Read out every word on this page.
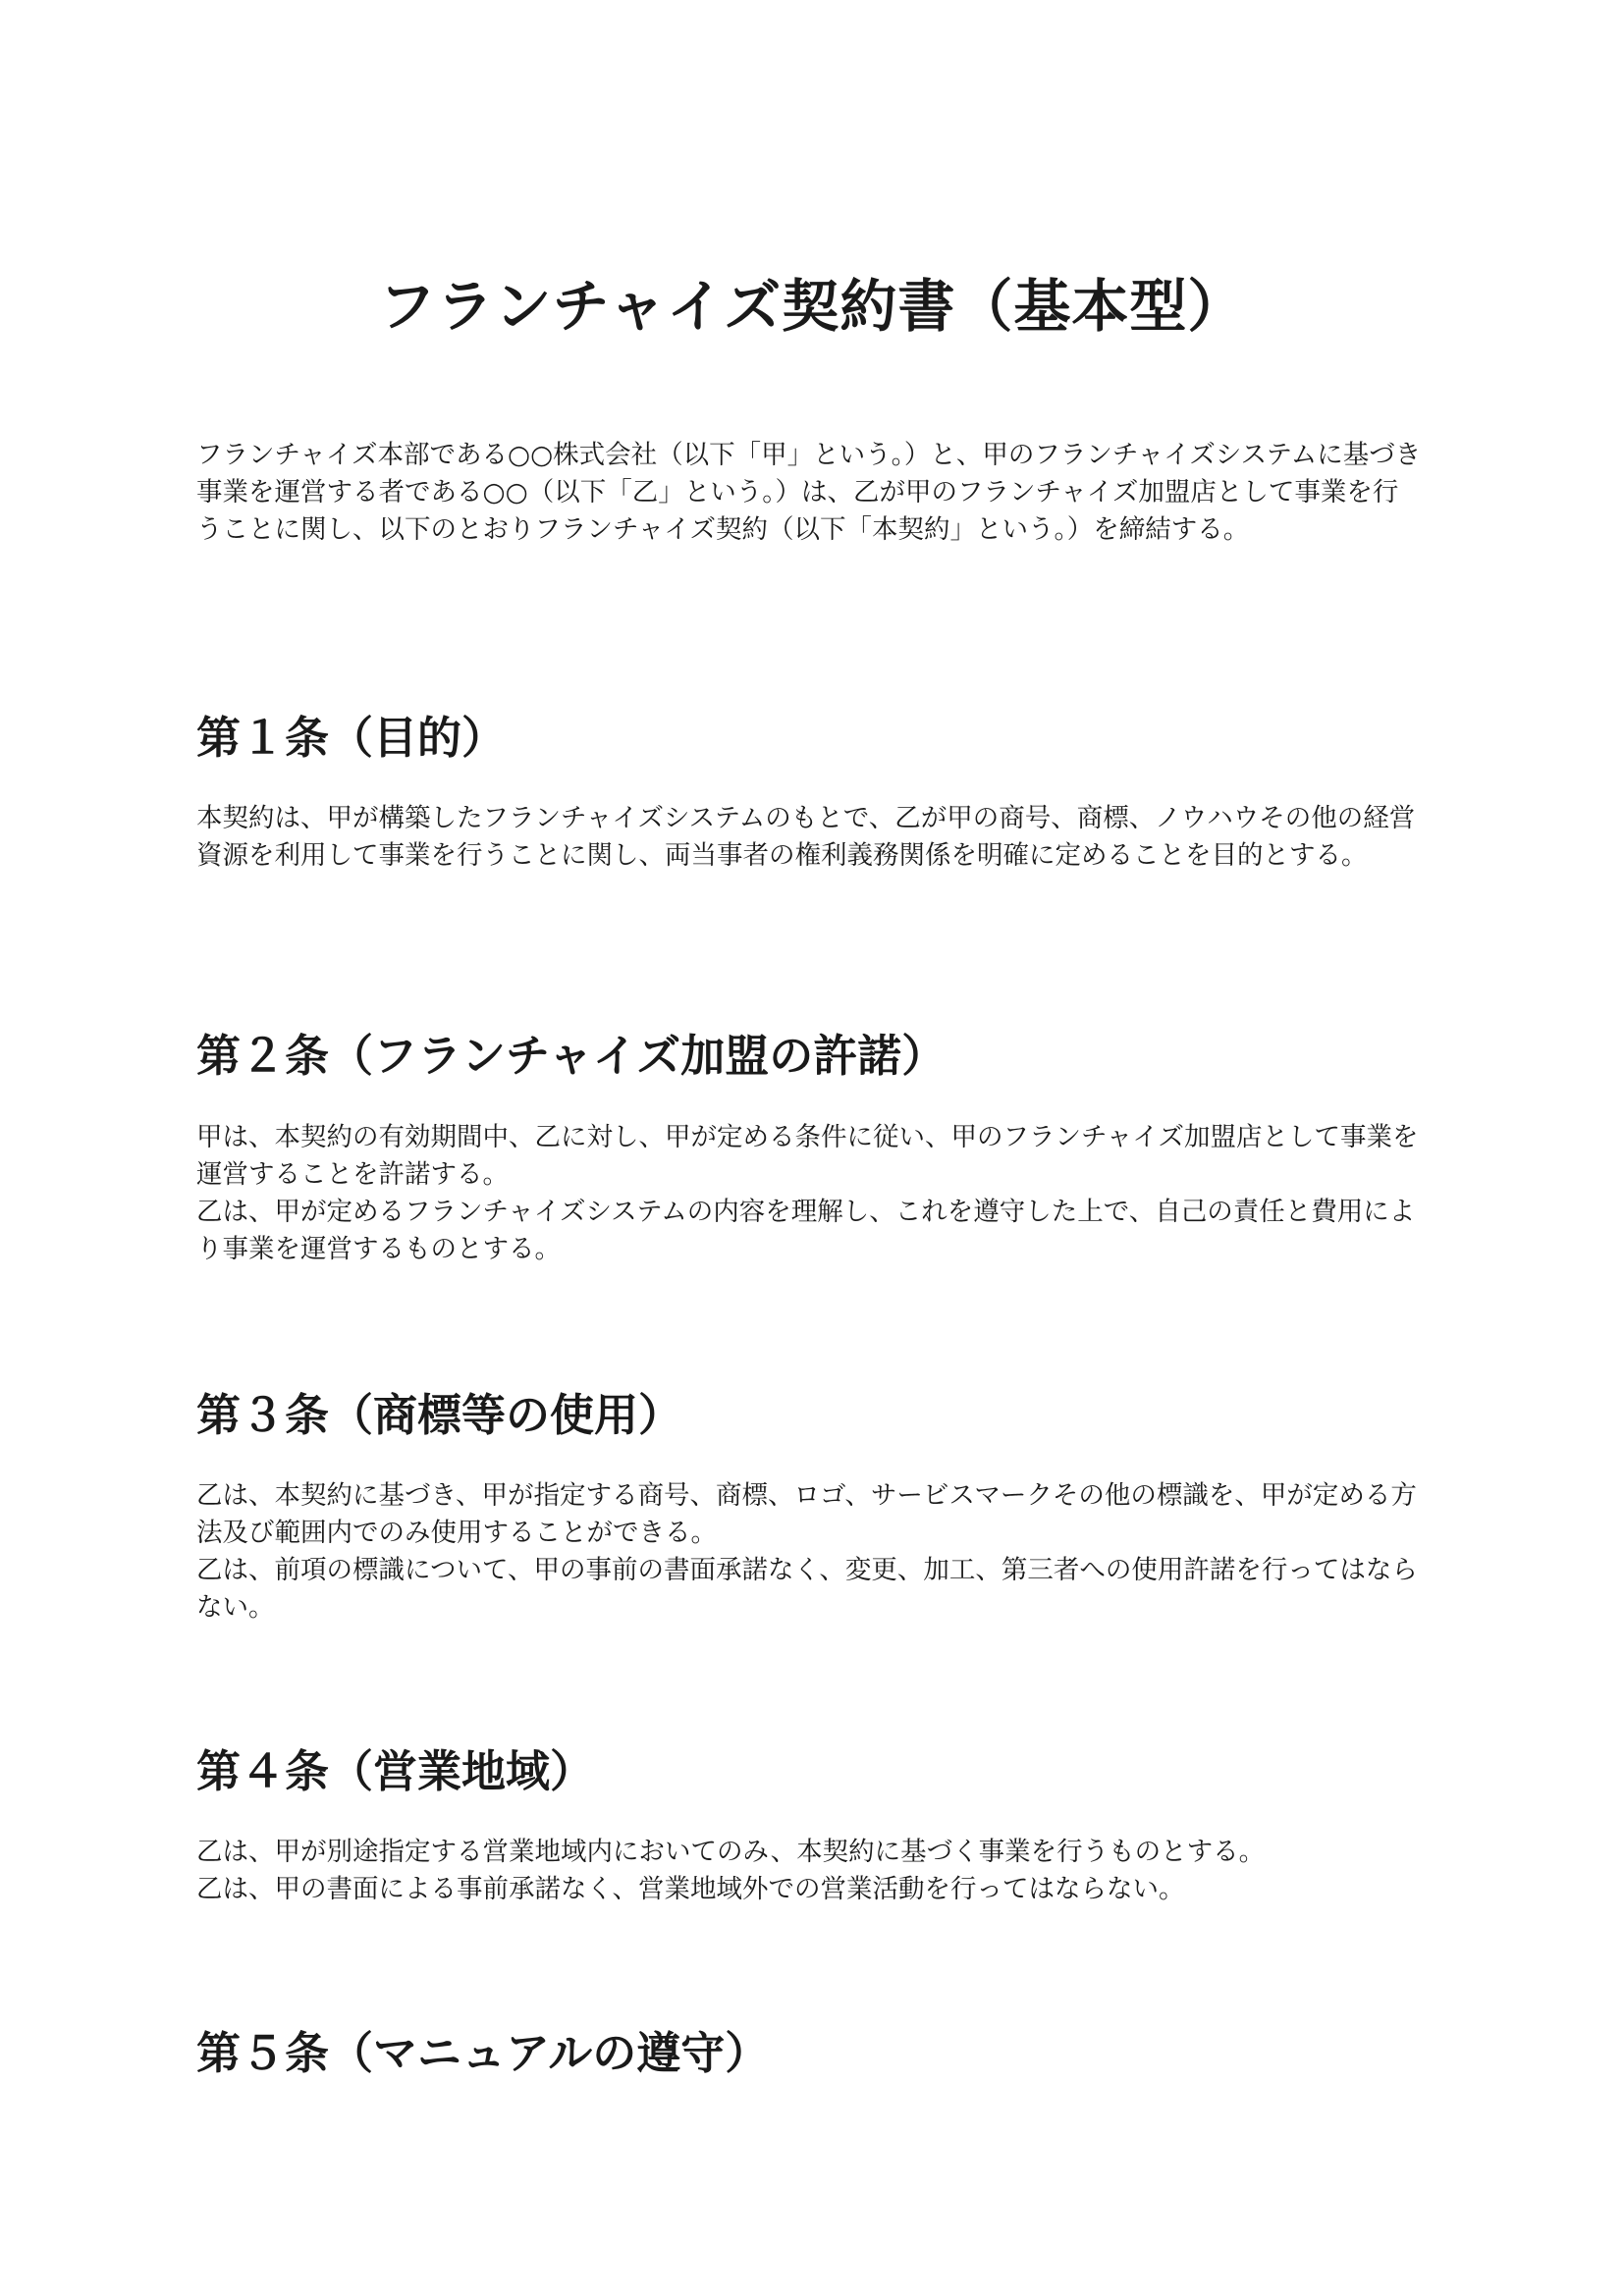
フランチャイズ契約書（基本型）

フランチャイズ本部である○○株式会社（以下「甲」という。）と、甲のフランチャイズシステムに基づき事業を運営する者である○○（以下「乙」という。）は、乙が甲のフランチャイズ加盟店として事業を行うことに関し、以下のとおりフランチャイズ契約（以下「本契約」という。）を締結する。

第１条（目的）

本契約は、甲が構築したフランチャイズシステムのもとで、乙が甲の商号、商標、ノウハウその他の経営資源を利用して事業を行うことに関し、両当事者の権利義務関係を明確に定めることを目的とする。

第２条（フランチャイズ加盟の許諾）

甲は、本契約の有効期間中、乙に対し、甲が定める条件に従い、甲のフランチャイズ加盟店として事業を運営することを許諾する。

乙は、甲が定めるフランチャイズシステムの内容を理解し、これを遵守した上で、自己の責任と費用により事業を運営するものとする。

第３条（商標等の使用）

乙は、本契約に基づき、甲が指定する商号、商標、ロゴ、サービスマークその他の標識を、甲が定める方法及び範囲内でのみ使用することができる。

乙は、前項の標識について、甲の事前の書面承諾なく、変更、加工、第三者への使用許諾を行ってはならない。

第４条（営業地域）

乙は、甲が別途指定する営業地域内においてのみ、本契約に基づく事業を行うものとする。

乙は、甲の書面による事前承諾なく、営業地域外での営業活動を行ってはならない。

第５条（マニュアルの遵守）
